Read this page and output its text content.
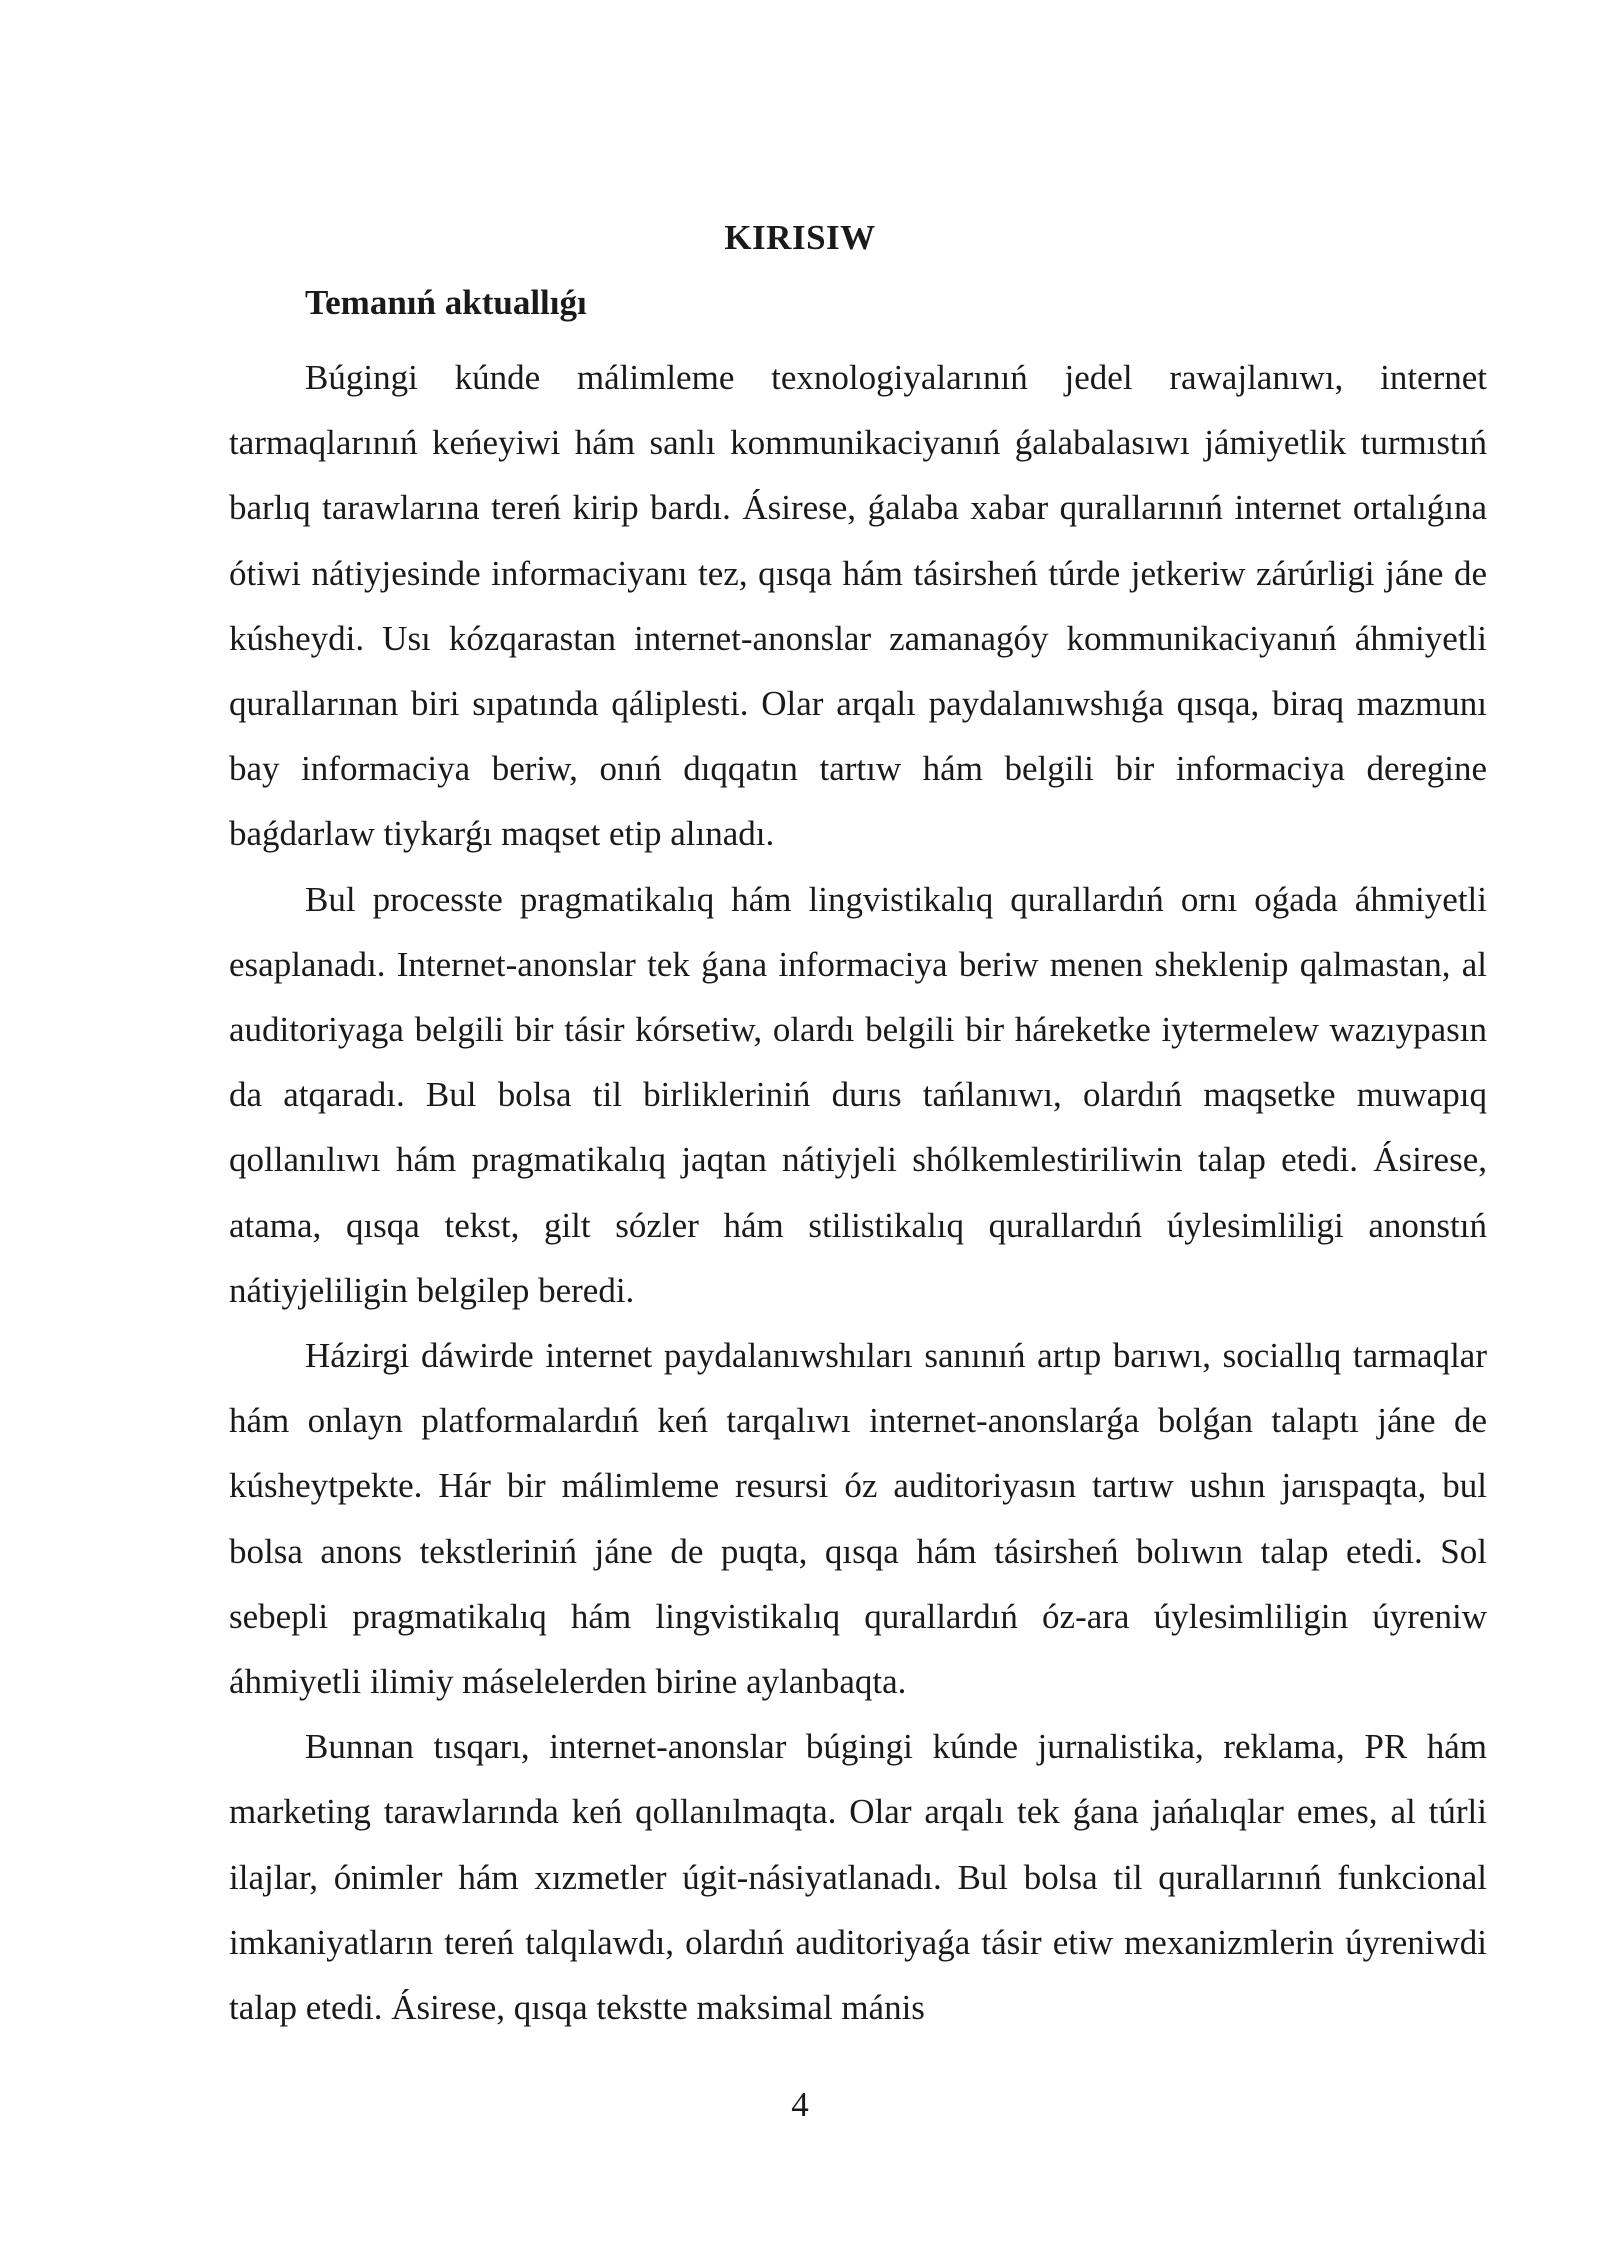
KIRISIW
Temanıń aktuallıǵı

Búgingi kúnde málimleme texnologiyalarınıń jedel rawajlanıwı, internet tarmaqlarınıń keńeyiwi hám sanlı kommunikaciyanıń ǵalabalasıwı jámiyetlik turmıstıń barlıq tarawlarına tereń kirip bardı. Ásirese, ǵalaba xabar qurallarınıń internet ortalıǵına ótiwi nátiyjesinde informaciyanı tez, qısqa hám tásirsheń túrde jetkeriw zárúrligi jáne de kúsheydi. Usı kózqarastan internet-anonslar zamanagóy kommunikaciyanıń áhmiyetli qurallarınan biri sıpatında qáliplesti. Olar arqalı paydalanıwshıǵa qısqa, biraq mazmunı bay informaciya beriw, onıń dıqqatın tartıw hám belgili bir informaciya deregine baǵdarlaw tiykarǵı maqset etip alınadı.

Bul processte pragmatikalıq hám lingvistikalıq qurallardıń ornı oǵada áhmiyetli esaplanadı. Internet-anonslar tek ǵana informaciya beriw menen sheklenip qalmastan, al auditoriyaga belgili bir tásir kórsetiw, olardı belgili bir háreketke iytermelew wazıypasın da atqaradı. Bul bolsa til birlikleriniń durıs tańlanıwı, olardıń maqsetke muwapıq qollanılıwı hám pragmatikalıq jaqtan nátiyjeli shólkemlestiriliwin talap etedi. Ásirese, atama, qısqa tekst, gilt sózler hám stilistikalıq qurallardıń úylesimliligi anonstıń nátiyjeliligin belgilep beredi.

Házirgi dáwirde internet paydalanıwshıları sanınıń artıp barıwı, sociallıq tarmaqlar hám onlayn platformalardıń keń tarqalıwı internet-anonslarǵa bolǵan talaptı jáne de kúsheytpekte. Hár bir málimleme resursi óz auditoriyasın tartıw ushın jarıspaqta, bul bolsa anons tekstleriniń jáne de puqta, qısqa hám tásirsheń bolıwın talap etedi. Sol sebepli pragmatikalıq hám lingvistikalıq qurallardıń óz-ara úylesimliligin úyreniw áhmiyetli ilimiy máselelerden birine aylanbaqta.

Bunnan tısqarı, internet-anonslar búgingi kúnde jurnalistika, reklama, PR hám marketing tarawlarında keń qollanılmaqta. Olar arqalı tek ǵana jańalıqlar emes, al túrli ilajlar, ónimler hám xızmetler úgit-násiyatlanadı. Bul bolsa til qurallarınıń funkcional imkaniyatların tereń talqılawdı, olardıń auditoriyaǵa tásir etiw mexanizmlerin úyreniwdi talap etedi. Ásirese, qısqa tekstte maksimal mánis

4
